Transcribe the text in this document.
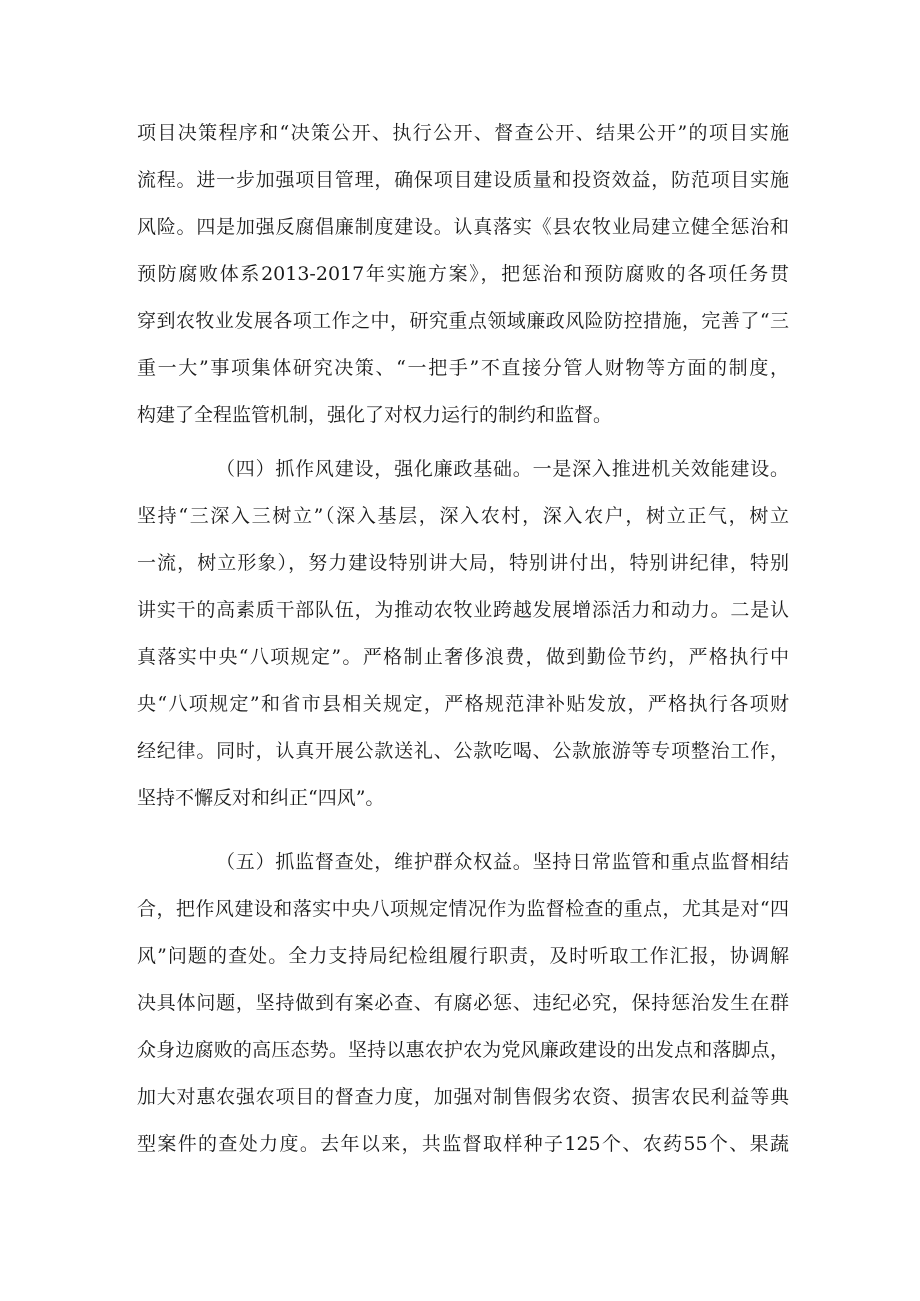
项目决策程序和“决策公开、执行公开、督查公开、结果公开”的项目实施

流程。进一步加强项目管理，确保项目建设质量和投资效益，防范项目实施

风险。四是加强反腐倡廉制度建设。认真落实《县农牧业局建立健全惩治和

预防腐败体系2013-2017年实施方案》，把惩治和预防腐败的各项任务贯

穿到农牧业发展各项工作之中，研究重点领域廉政风险防控措施，完善了“三

重一大”事项集体研究决策、“一把手”不直接分管人财物等方面的制度，

构建了全程监管机制，强化了对权力运行的制约和监督。

（四）抓作风建设，强化廉政基础。一是深入推进机关效能建设。

坚持“三深入三树立”（深入基层，深入农村，深入农户，树立正气，树立

一流，树立形象），努力建设特别讲大局，特别讲付出，特别讲纪律，特别

讲实干的高素质干部队伍，为推动农牧业跨越发展增添活力和动力。二是认

真落实中央“八项规定”。严格制止奢侈浪费，做到勤俭节约，严格执行中

央“八项规定”和省市县相关规定，严格规范津补贴发放，严格执行各项财

经纪律。同时，认真开展公款送礼、公款吃喝、公款旅游等专项整治工作，

坚持不懈反对和纠正“四风”。

（五）抓监督查处，维护群众权益。坚持日常监管和重点监督相结

合，把作风建设和落实中央八项规定情况作为监督检查的重点，尤其是对“四

风”问题的查处。全力支持局纪检组履行职责，及时听取工作汇报，协调解

决具体问题，坚持做到有案必查、有腐必惩、违纪必究，保持惩治发生在群

众身边腐败的高压态势。坚持以惠农护农为党风廉政建设的出发点和落脚点，

加大对惠农强农项目的督查力度，加强对制售假劣农资、损害农民利益等典

型案件的查处力度。去年以来，共监督取样种子125个、农药55个、果蔬
